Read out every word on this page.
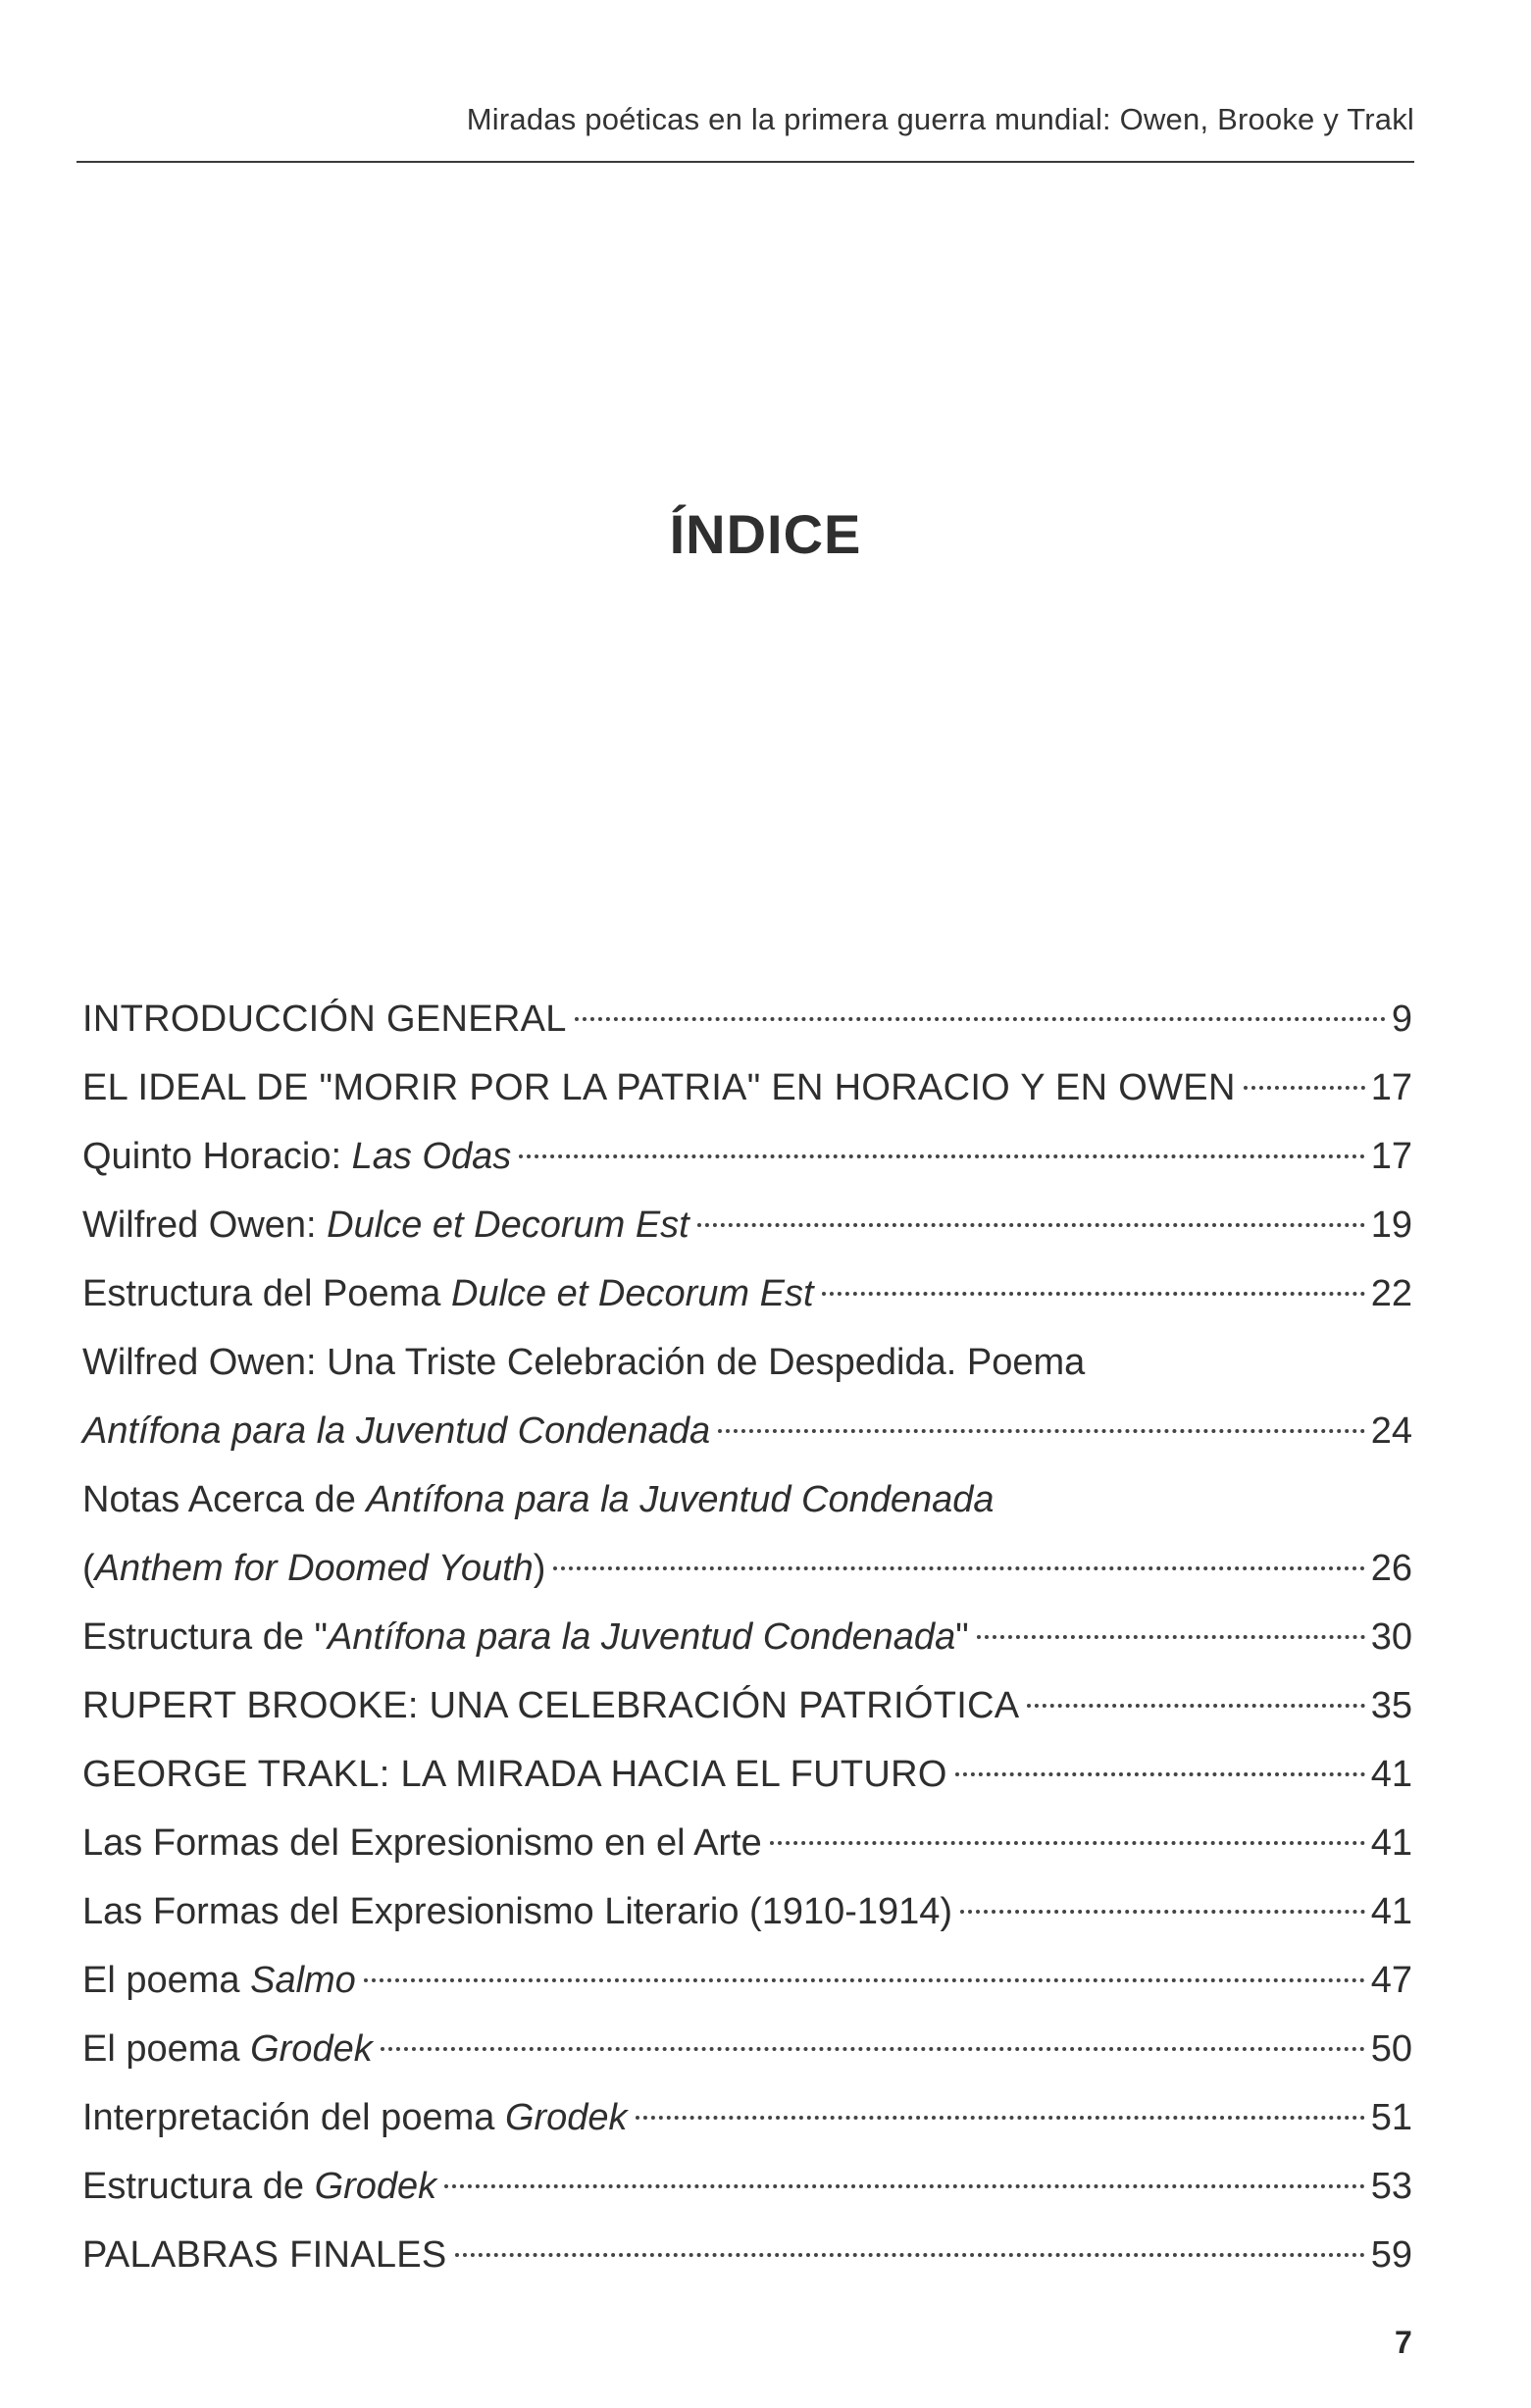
Miradas poéticas en la primera guerra mundial: Owen, Brooke y Trakl
ÍNDICE
INTRODUCCIÓN GENERAL	9
EL IDEAL DE "MORIR POR LA PATRIA" EN HORACIO Y EN OWEN	17
Quinto Horacio: Las Odas	17
Wilfred Owen: Dulce et Decorum Est	19
Estructura del Poema Dulce et Decorum Est	22
Wilfred Owen: Una Triste Celebración de Despedida. Poema
Antífona para la Juventud Condenada	24
Notas Acerca de Antífona para la Juventud Condenada
(Anthem for Doomed Youth)	26
Estructura de "Antífona para la Juventud Condenada"	30
RUPERT BROOKE: UNA CELEBRACIÓN PATRIÓTICA	35
GEORGE TRAKL: LA MIRADA HACIA EL FUTURO	41
Las Formas del Expresionismo en el Arte	41
Las Formas del Expresionismo Literario (1910-1914)	41
El poema Salmo	47
El poema Grodek	50
Interpretación del poema Grodek	51
Estructura de Grodek	53
PALABRAS FINALES	59
7
